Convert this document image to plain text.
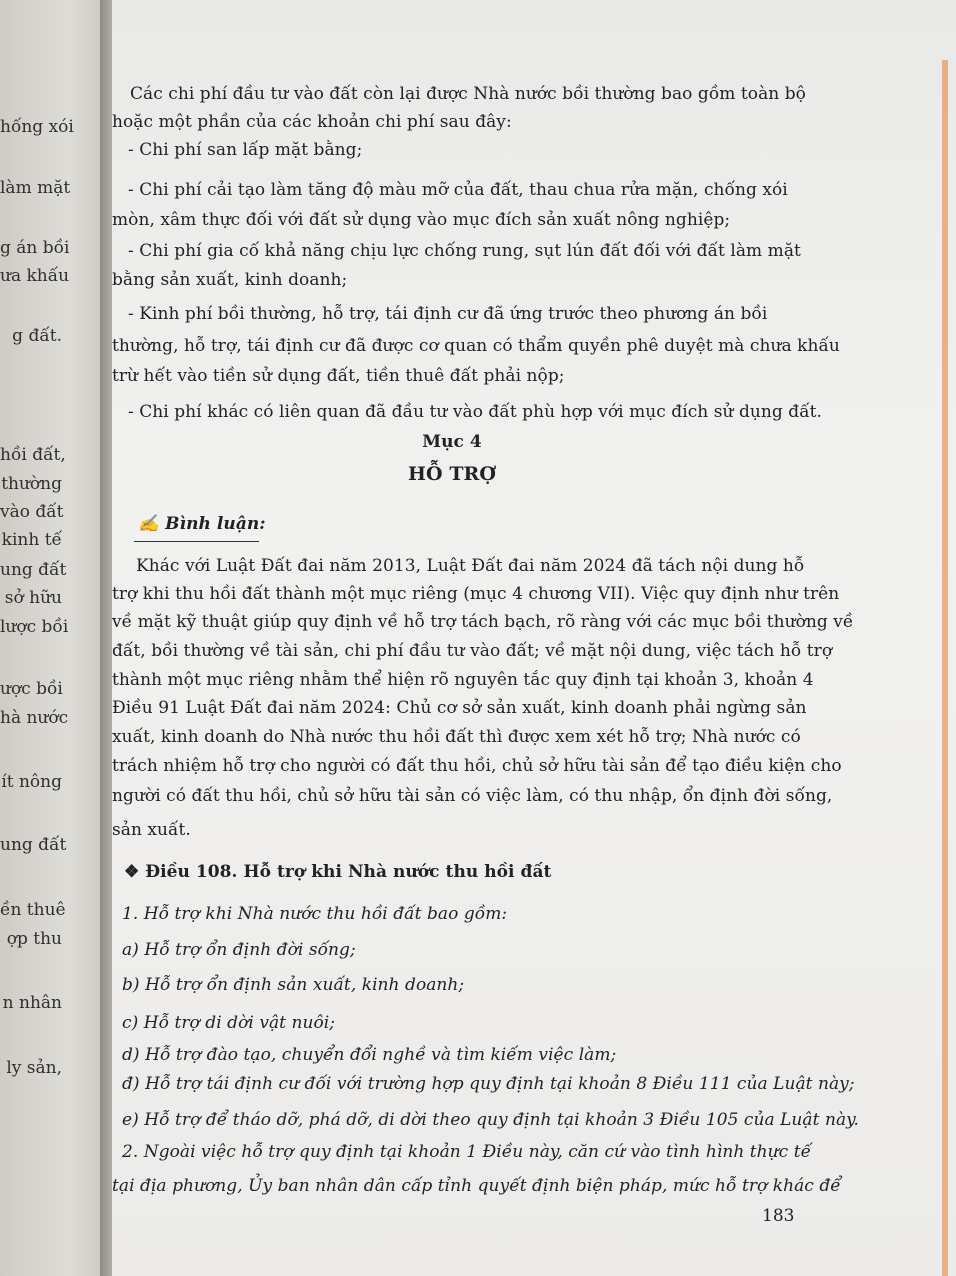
hống xói
làm mặt
g án bồi
ưa khấu
g đất.
hồi đất,
thường
vào đất
kinh tế
ung đất
sở hữu
lược bồi
ược bồi
hà nước
ít nông
ung đất
ền thuê
ợp thu
n nhân
ly sản,
Các chi phí đầu tư vào đất còn lại được Nhà nước bồi thường bao gồm toàn bộ
hoặc một phần của các khoản chi phí sau đây:
- Chi phí san lấp mặt bằng;
- Chi phí cải tạo làm tăng độ màu mỡ của đất, thau chua rửa mặn, chống xói
mòn, xâm thực đối với đất sử dụng vào mục đích sản xuất nông nghiệp;
- Chi phí gia cố khả năng chịu lực chống rung, sụt lún đất đối với đất làm mặt
bằng sản xuất, kinh doanh;
- Kinh phí bồi thường, hỗ trợ, tái định cư đã ứng trước theo phương án bồi
thường, hỗ trợ, tái định cư đã được cơ quan có thẩm quyền phê duyệt mà chưa khấu
trừ hết vào tiền sử dụng đất, tiền thuê đất phải nộp;
- Chi phí khác có liên quan đã đầu tư vào đất phù hợp với mục đích sử dụng đất.
Mục 4
HỖ TRỢ
✍ Bình luận:
Khác với Luật Đất đai năm 2013, Luật Đất đai năm 2024 đã tách nội dung hỗ
trợ khi thu hồi đất thành một mục riêng (mục 4 chương VII). Việc quy định như trên
về mặt kỹ thuật giúp quy định về hỗ trợ tách bạch, rõ ràng với các mục bồi thường về
đất, bồi thường về tài sản, chi phí đầu tư vào đất; về mặt nội dung, việc tách hỗ trợ
thành một mục riêng nhằm thể hiện rõ nguyên tắc quy định tại khoản 3, khoản 4
Điều 91 Luật Đất đai năm 2024: Chủ cơ sở sản xuất, kinh doanh phải ngừng sản
xuất, kinh doanh do Nhà nước thu hồi đất thì được xem xét hỗ trợ; Nhà nước có
trách nhiệm hỗ trợ cho người có đất thu hồi, chủ sở hữu tài sản để tạo điều kiện cho
người có đất thu hồi, chủ sở hữu tài sản có việc làm, có thu nhập, ổn định đời sống,
sản xuất.
❖ Điều 108. Hỗ trợ khi Nhà nước thu hồi đất
1. Hỗ trợ khi Nhà nước thu hồi đất bao gồm:
a) Hỗ trợ ổn định đời sống;
b) Hỗ trợ ổn định sản xuất, kinh doanh;
c) Hỗ trợ di dời vật nuôi;
d) Hỗ trợ đào tạo, chuyển đổi nghề và tìm kiếm việc làm;
đ) Hỗ trợ tái định cư đối với trường hợp quy định tại khoản 8 Điều 111 của Luật này;
e) Hỗ trợ để tháo dỡ, phá dỡ, di dời theo quy định tại khoản 3 Điều 105 của Luật này.
2. Ngoài việc hỗ trợ quy định tại khoản 1 Điều này, căn cứ vào tình hình thực tế
tại địa phương, Ủy ban nhân dân cấp tỉnh quyết định biện pháp, mức hỗ trợ khác để
183
